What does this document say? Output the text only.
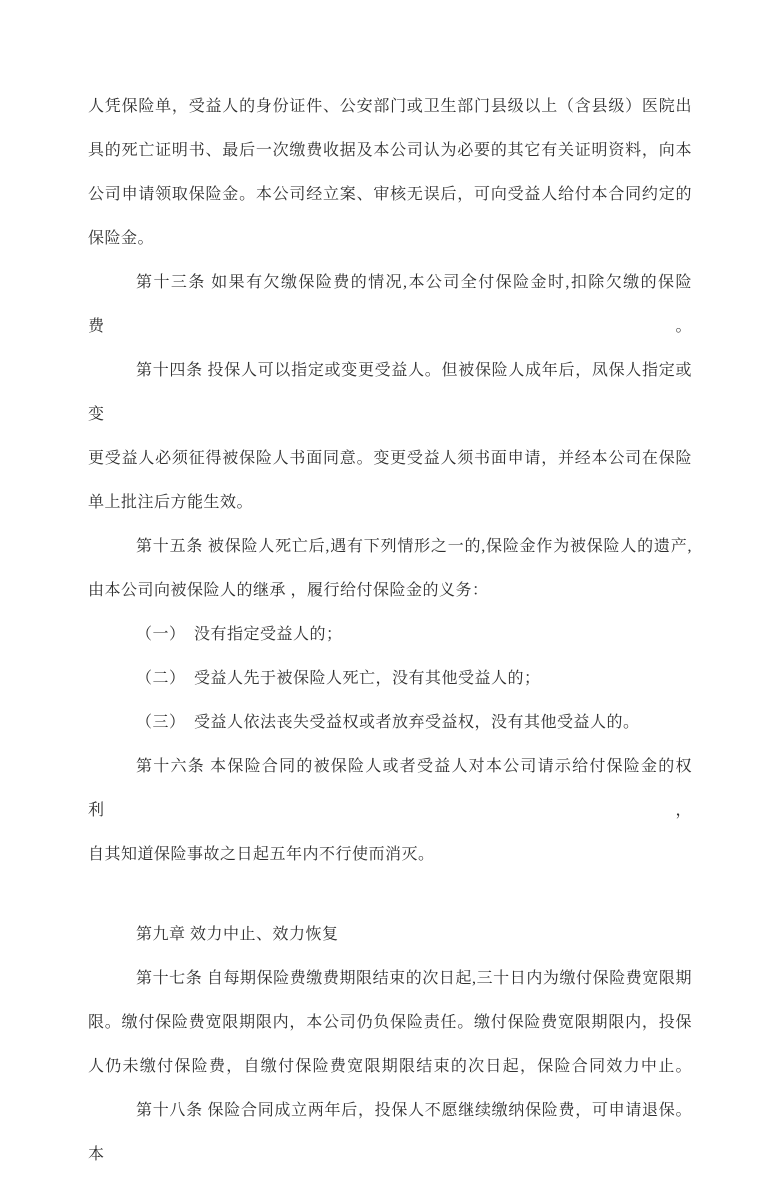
人凭保险单，受益人的身份证件、公安部门或卫生部门县级以上（含县级）医院出
具的死亡证明书、最后一次缴费收据及本公司认为必要的其它有关证明资料，向本
公司申请领取保险金。本公司经立案、审核无误后，可向受益人给付本合同约定的
保险金。
第十三条 如果有欠缴保险费的情况,本公司全付保险金时,扣除欠缴的保险费。
第十四条 投保人可以指定或变更受益人。但被保险人成年后，凤保人指定或变
更受益人必须征得被保险人书面同意。变更受益人须书面申请，并经本公司在保险
单上批注后方能生效。
第十五条 被保险人死亡后,遇有下列情形之一的,保险金作为被保险人的遗产,
由本公司向被保险人的继承 ，履行给付保险金的义务：
（一）　没有指定受益人的；
（二）　受益人先于被保险人死亡，没有其他受益人的；
（三）　受益人依法丧失受益权或者放弃受益权，没有其他受益人的。
第十六条 本保险合同的被保险人或者受益人对本公司请示给付保险金的权利，
自其知道保险事故之日起五年内不行使而消灭。
第九章 效力中止、效力恢复
第十七条 自每期保险费缴费期限结束的次日起,三十日内为缴付保险费宽限期
限。缴付保险费宽限期限内，本公司仍负保险责任。缴付保险费宽限期限内，投保
人仍未缴付保险费，自缴付保险费宽限期限结束的次日起，保险合同效力中止。
第十八条 保险合同成立两年后，投保人不愿继续缴纳保险费，可申请退保。本
